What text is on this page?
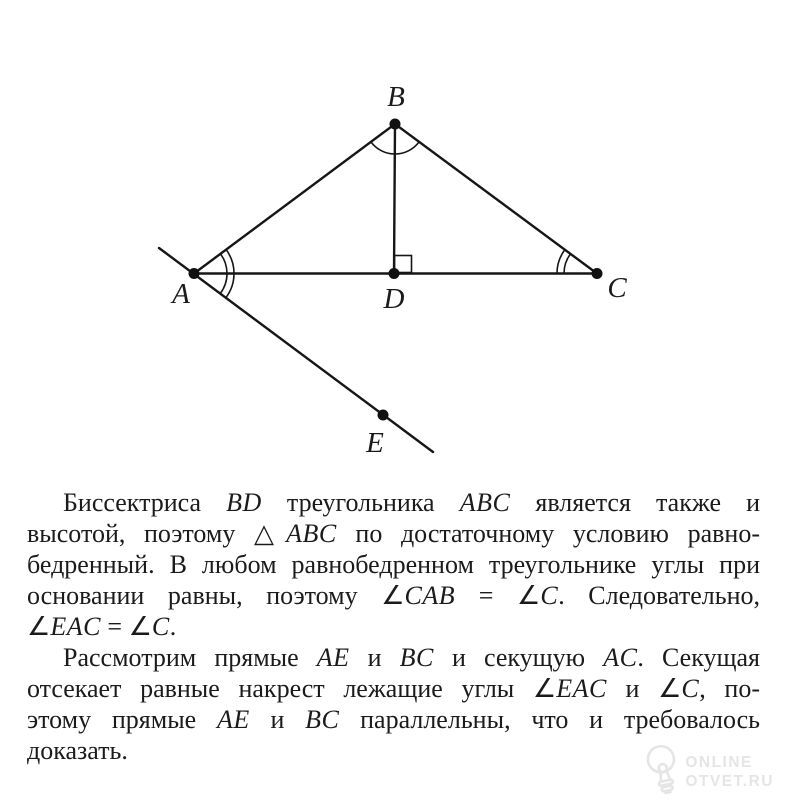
A
B
C
D
E
Биссектриса BD треугольника ABC является также и
высотой, поэтому △ABC по достаточному условию равно-
бедренный. В любом равнобедренном треугольнике углы при
основании равны, поэтому ∠CAB = ∠C. Следовательно,
∠EAC = ∠C.
Рассмотрим прямые AE и BC и секущую AC. Секущая
отсекает равные накрест лежащие углы ∠EAC и ∠C, по-
этому прямые AE и BC параллельны, что и требовалось
доказать.	ONLINE
OTVET.RU
